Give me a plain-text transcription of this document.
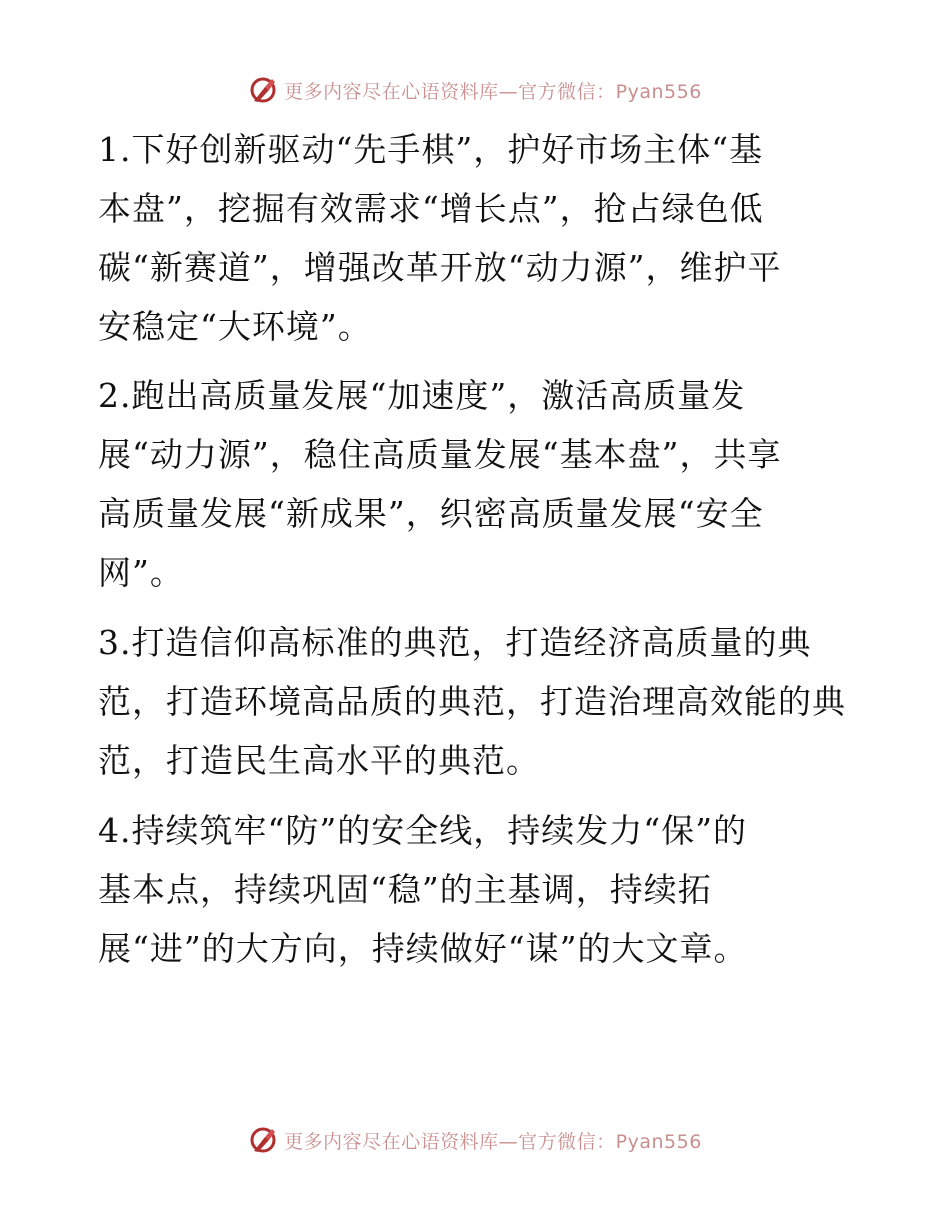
更多内容尽在心语资料库—官方微信：Pyan556
1.下好创新驱动“先手棋”，护好市场主体“基
本盘”，挖掘有效需求“增长点”，抢占绿色低
碳“新赛道”，增强改革开放“动力源”，维护平
安稳定“大环境”。
2.跑出高质量发展“加速度”，激活高质量发
展“动力源”，稳住高质量发展“基本盘”，共享
高质量发展“新成果”，织密高质量发展“安全
网”。
3.打造信仰高标准的典范，打造经济高质量的典
范，打造环境高品质的典范，打造治理高效能的典
范，打造民生高水平的典范。
4.持续筑牢“防”的安全线，持续发力“保”的
基本点，持续巩固“稳”的主基调，持续拓
展“进”的大方向，持续做好“谋”的大文章。
更多内容尽在心语资料库—官方微信：Pyan556
